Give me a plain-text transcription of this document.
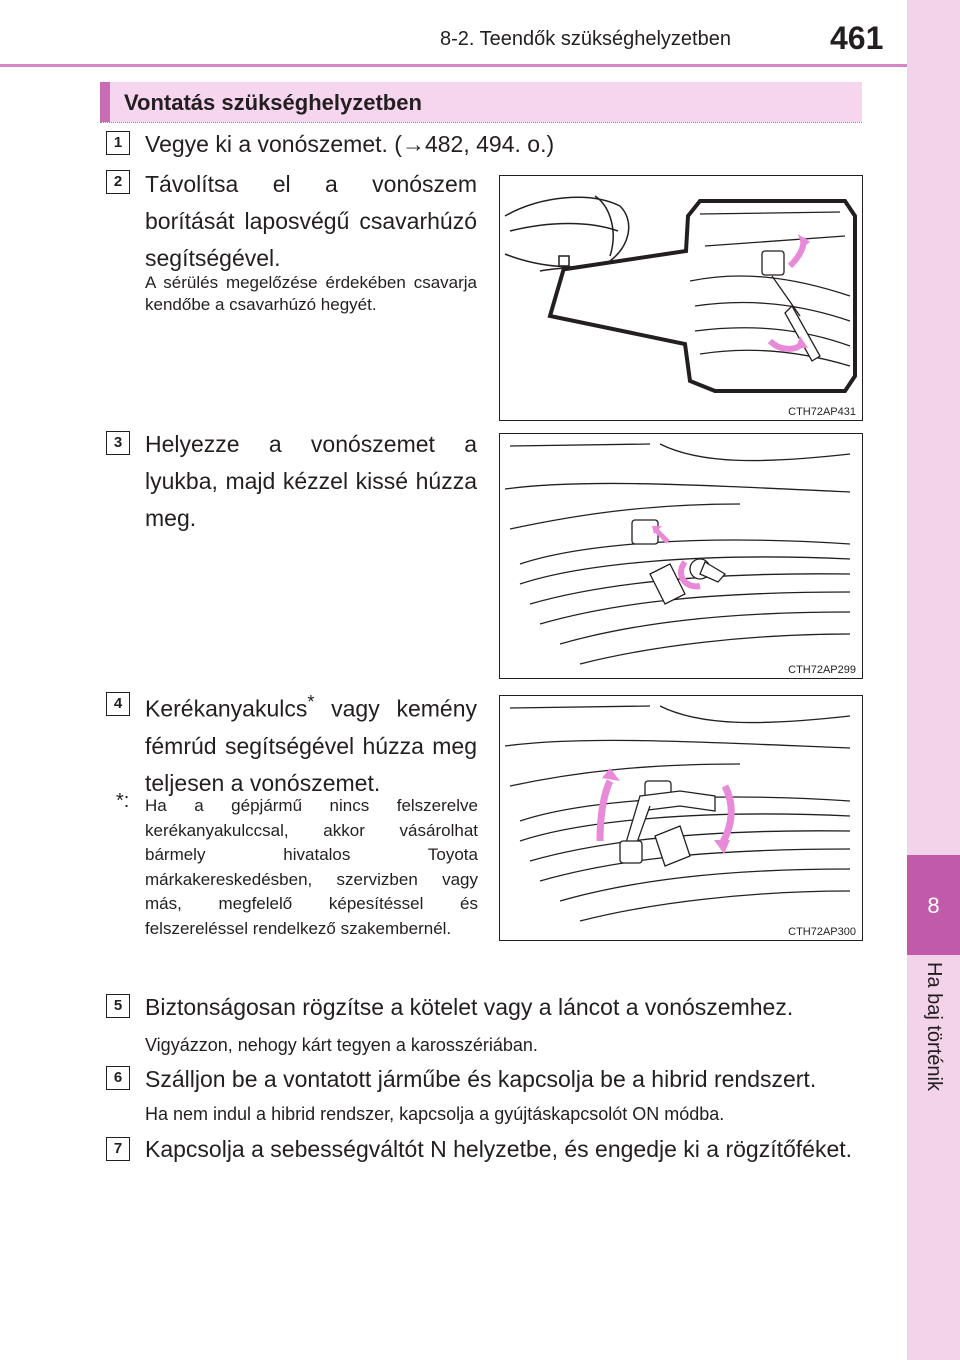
8-2. Teendők szükséghelyzetben	461
8
Ha baj történik
Vontatás szükséghelyzetben
1 Vegye ki a vonószemet. (→482, 494. o.)
2 Távolítsa el a vonószem borítását laposvégű csavarhúzó segítségével.
A sérülés megelőzése érdekében csavarja kendőbe a csavarhúzó hegyét.
CTH72AP431
3 Helyezze a vonószemet a lyukba, majd kézzel kissé húzza meg.
CTH72AP299
4 Kerékanyakulcs* vagy kemény fémrúd segítségével húzza meg teljesen a vonószemet.
*: Ha a gépjármű nincs felszerelve kerékanyakulccsal, akkor vásárolhat bármely hivatalos Toyota márkakereskedésben, szervizben vagy más, megfelelő képesítéssel és felszereléssel rendelkező szakembernél.	CTH72AP300
5 Biztonságosan rögzítse a kötelet vagy a láncot a vonószemhez.
Vigyázzon, nehogy kárt tegyen a karosszériában.
6 Szálljon be a vontatott járműbe és kapcsolja be a hibrid rendszert.
Ha nem indul a hibrid rendszer, kapcsolja a gyújtáskapcsolót ON módba.
7 Kapcsolja a sebességváltót N helyzetbe, és engedje ki a rögzítőféket.
